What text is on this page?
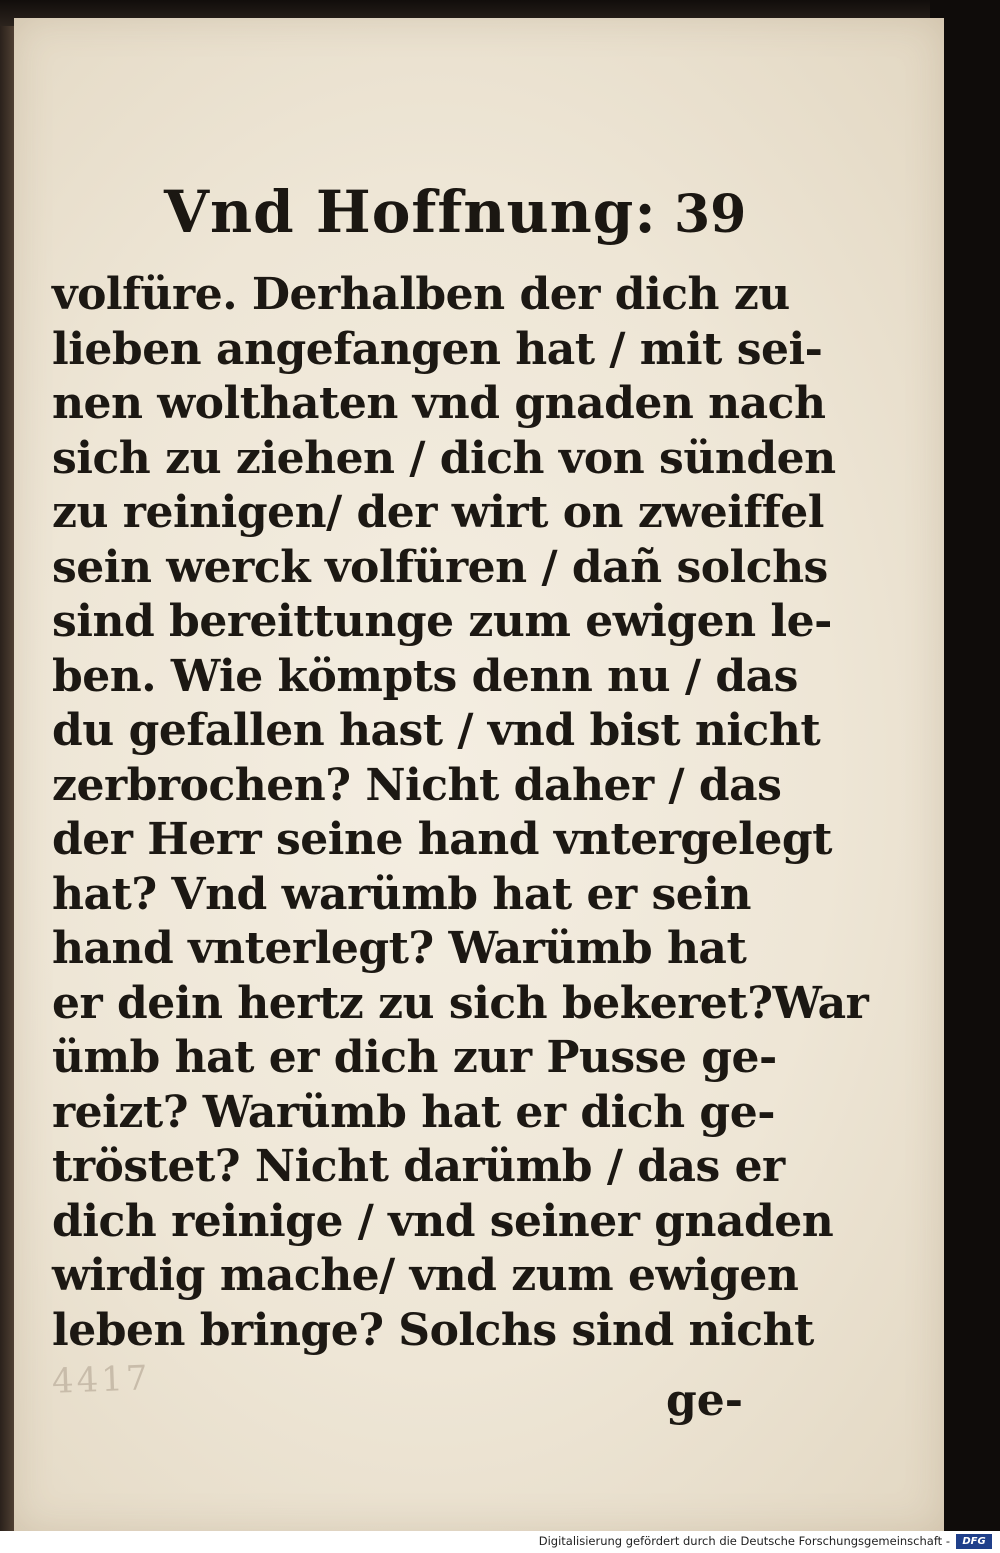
Vnd Hoffnung: 39
volfüre. Derhalben der dich zu
lieben angefangen hat / mit sei-
nen wolthaten vnd gnaden nach
sich zu ziehen / dich von sünden
zu reinigen/ der wirt on zweiffel
sein werck volfüren / dañ solchs
sind bereittunge zum ewigen le-
ben. Wie kömpts denn nu / das
du gefallen hast / vnd bist nicht
zerbrochen? Nicht daher / das
der Herr seine hand vntergelegt
hat? Vnd warümb hat er sein
hand vnterlegt? Warümb hat
er dein hertz zu sich bekeret?War
ümb hat er dich zur Pusse ge-
reizt? Warümb hat er dich ge-
tröstet? Nicht darümb / das er
dich reinige / vnd seiner gnaden
wirdig mache/ vnd zum ewigen
leben bringe? Solchs sind nicht
4417	ge-
Digitalisierung gefördert durch die Deutsche Forschungsgemeinschaft -	DFG
